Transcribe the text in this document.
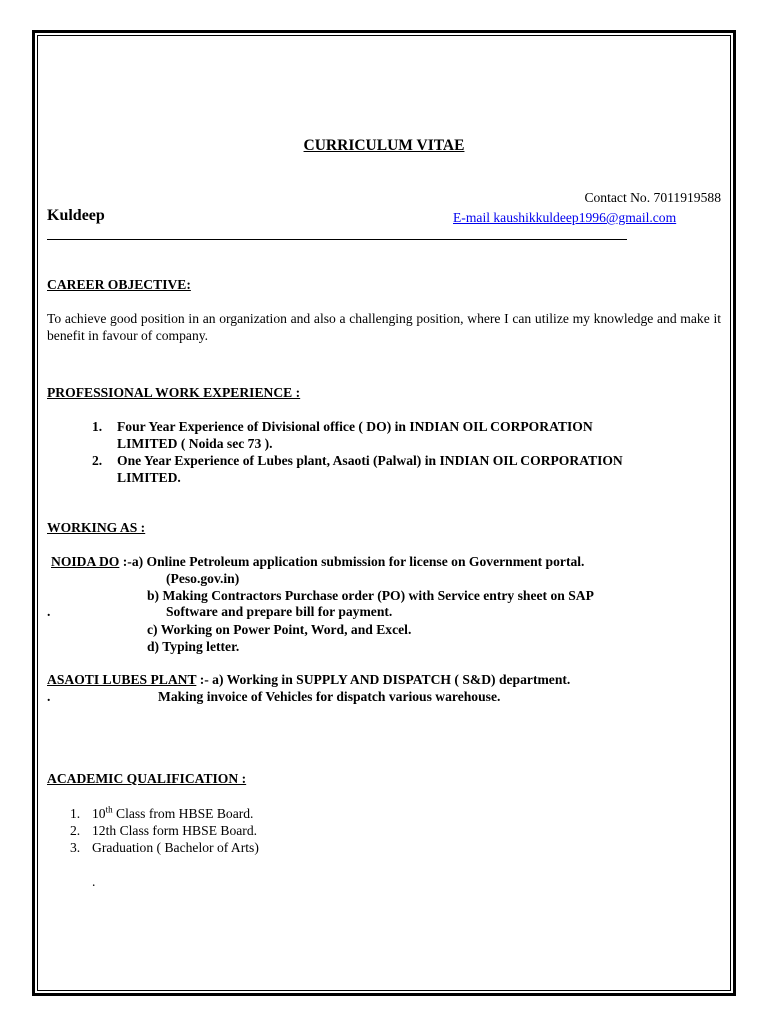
CURRICULUM VITAE
Contact No. 7011919588
Kuldeep	E-mail kaushikkuldeep1996@gmail.com
CAREER OBJECTIVE:
To achieve good position in an organization and also a challenging position, where I can utilize my knowledge and make it benefit in favour of company.
PROFESSIONAL WORK EXPERIENCE :
1. Four Year Experience of Divisional office ( DO) in INDIAN OIL CORPORATION
LIMITED ( Noida sec 73 ).
2. One Year Experience of Lubes plant, Asaoti (Palwal) in INDIAN OIL CORPORATION
LIMITED.
WORKING AS :
NOIDA DO :-a) Online Petroleum application submission for license on Government portal.
(Peso.gov.in)
b) Making Contractors Purchase order (PO) with Service entry sheet on SAP
.	Software and prepare bill for payment.
c) Working on Power Point, Word, and Excel.
d) Typing letter.
ASAOTI LUBES PLANT :- a) Working in SUPPLY AND DISPATCH ( S&D) department.
.	Making invoice of Vehicles for dispatch various warehouse.
ACADEMIC QUALIFICATION :
1. 10th Class from HBSE Board.
2. 12th Class form HBSE Board.
3. Graduation ( Bachelor of Arts)
.
